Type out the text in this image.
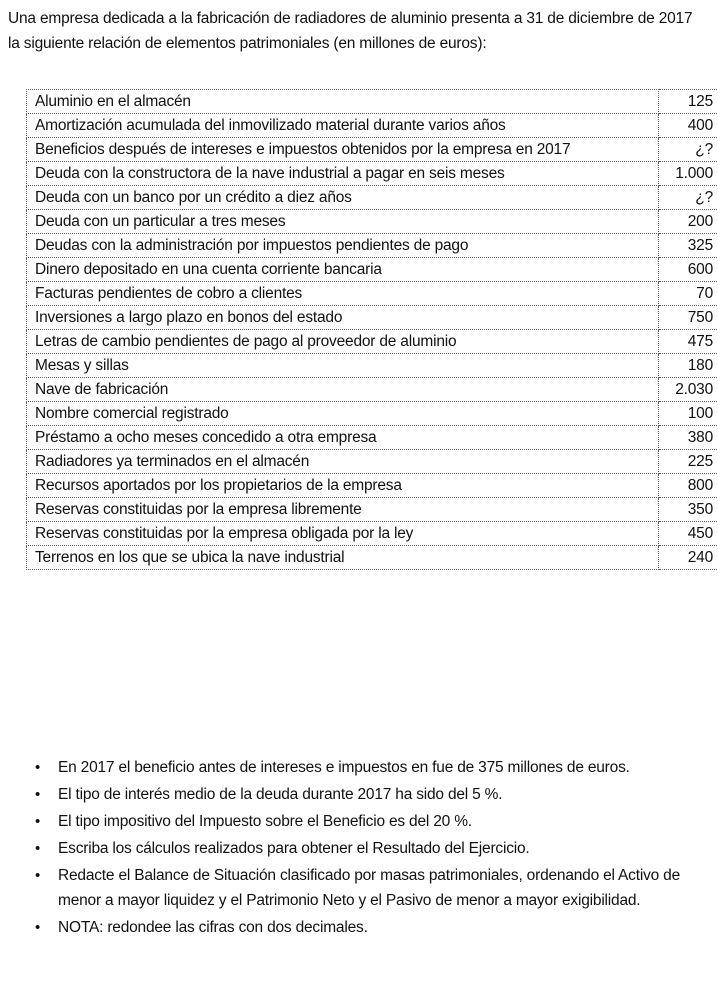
Una empresa dedicada a la fabricación de radiadores de aluminio presenta a 31 de diciembre de 2017

la siguiente relación de elementos patrimoniales (en millones de euros):

Aluminio en el almacén	125
Amortización acumulada del inmovilizado material durante varios años	400
Beneficios después de intereses e impuestos obtenidos por la empresa en 2017	¿?
Deuda con la constructora de la nave industrial a pagar en seis meses	1.000
Deuda con un banco por un crédito a diez años	¿?
Deuda con un particular a tres meses	200
Deudas con la administración por impuestos pendientes de pago	325
Dinero depositado en una cuenta corriente bancaria	600
Facturas pendientes de cobro a clientes	70
Inversiones a largo plazo en bonos del estado	750
Letras de cambio pendientes de pago al proveedor de aluminio	475
Mesas y sillas	180
Nave de fabricación	2.030
Nombre comercial registrado	100
Préstamo a ocho meses concedido a otra empresa	380
Radiadores ya terminados en el almacén	225
Recursos aportados por los propietarios de la empresa	800
Reservas constituidas por la empresa libremente	350
Reservas constituidas por la empresa obligada por la ley	450
Terrenos en los que se ubica la nave industrial	240
• En 2017 el beneficio antes de intereses e impuestos en fue de 375 millones de euros.
• El tipo de interés medio de la deuda durante 2017 ha sido del 5 %.
• El tipo impositivo del Impuesto sobre el Beneficio es del 20 %.
• Escriba los cálculos realizados para obtener el Resultado del Ejercicio.
• Redacte el Balance de Situación clasificado por masas patrimoniales, ordenando el Activo de
menor a mayor liquidez y el Patrimonio Neto y el Pasivo de menor a mayor exigibilidad.
• NOTA: redondee las cifras con dos decimales.
